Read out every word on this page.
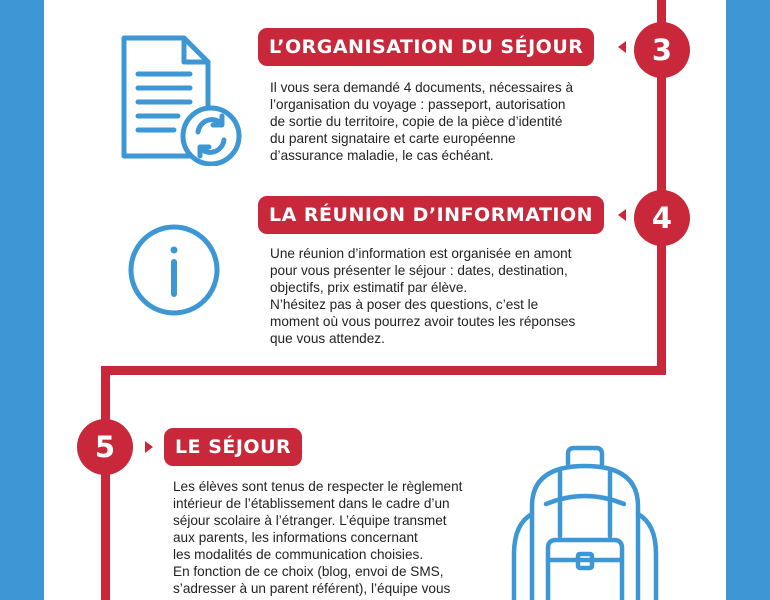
L’ORGANISATION DU SÉJOUR	3

Il vous sera demandé 4 documents, nécessaires à
l’organisation du voyage : passeport, autorisation
de sortie du territoire, copie de la pièce d’identité
du parent signataire et carte européenne
d’assurance maladie, le cas échéant.

LA RÉUNION D’INFORMATION	4

Une réunion d’information est organisée en amont
pour vous présenter le séjour : dates, destination,
objectifs, prix estimatif par élève.
N’hésitez pas à poser des questions, c’est le
moment où vous pourrez avoir toutes les réponses
que vous attendez.

5	LE SÉJOUR

Les élèves sont tenus de respecter le règlement
intérieur de l’établissement dans le cadre d’un
séjour scolaire à l’étranger. L’équipe transmet
aux parents, les informations concernant
les modalités de communication choisies.
En fonction de ce choix (blog, envoi de SMS,
s’adresser à un parent référent), l’équipe vous
